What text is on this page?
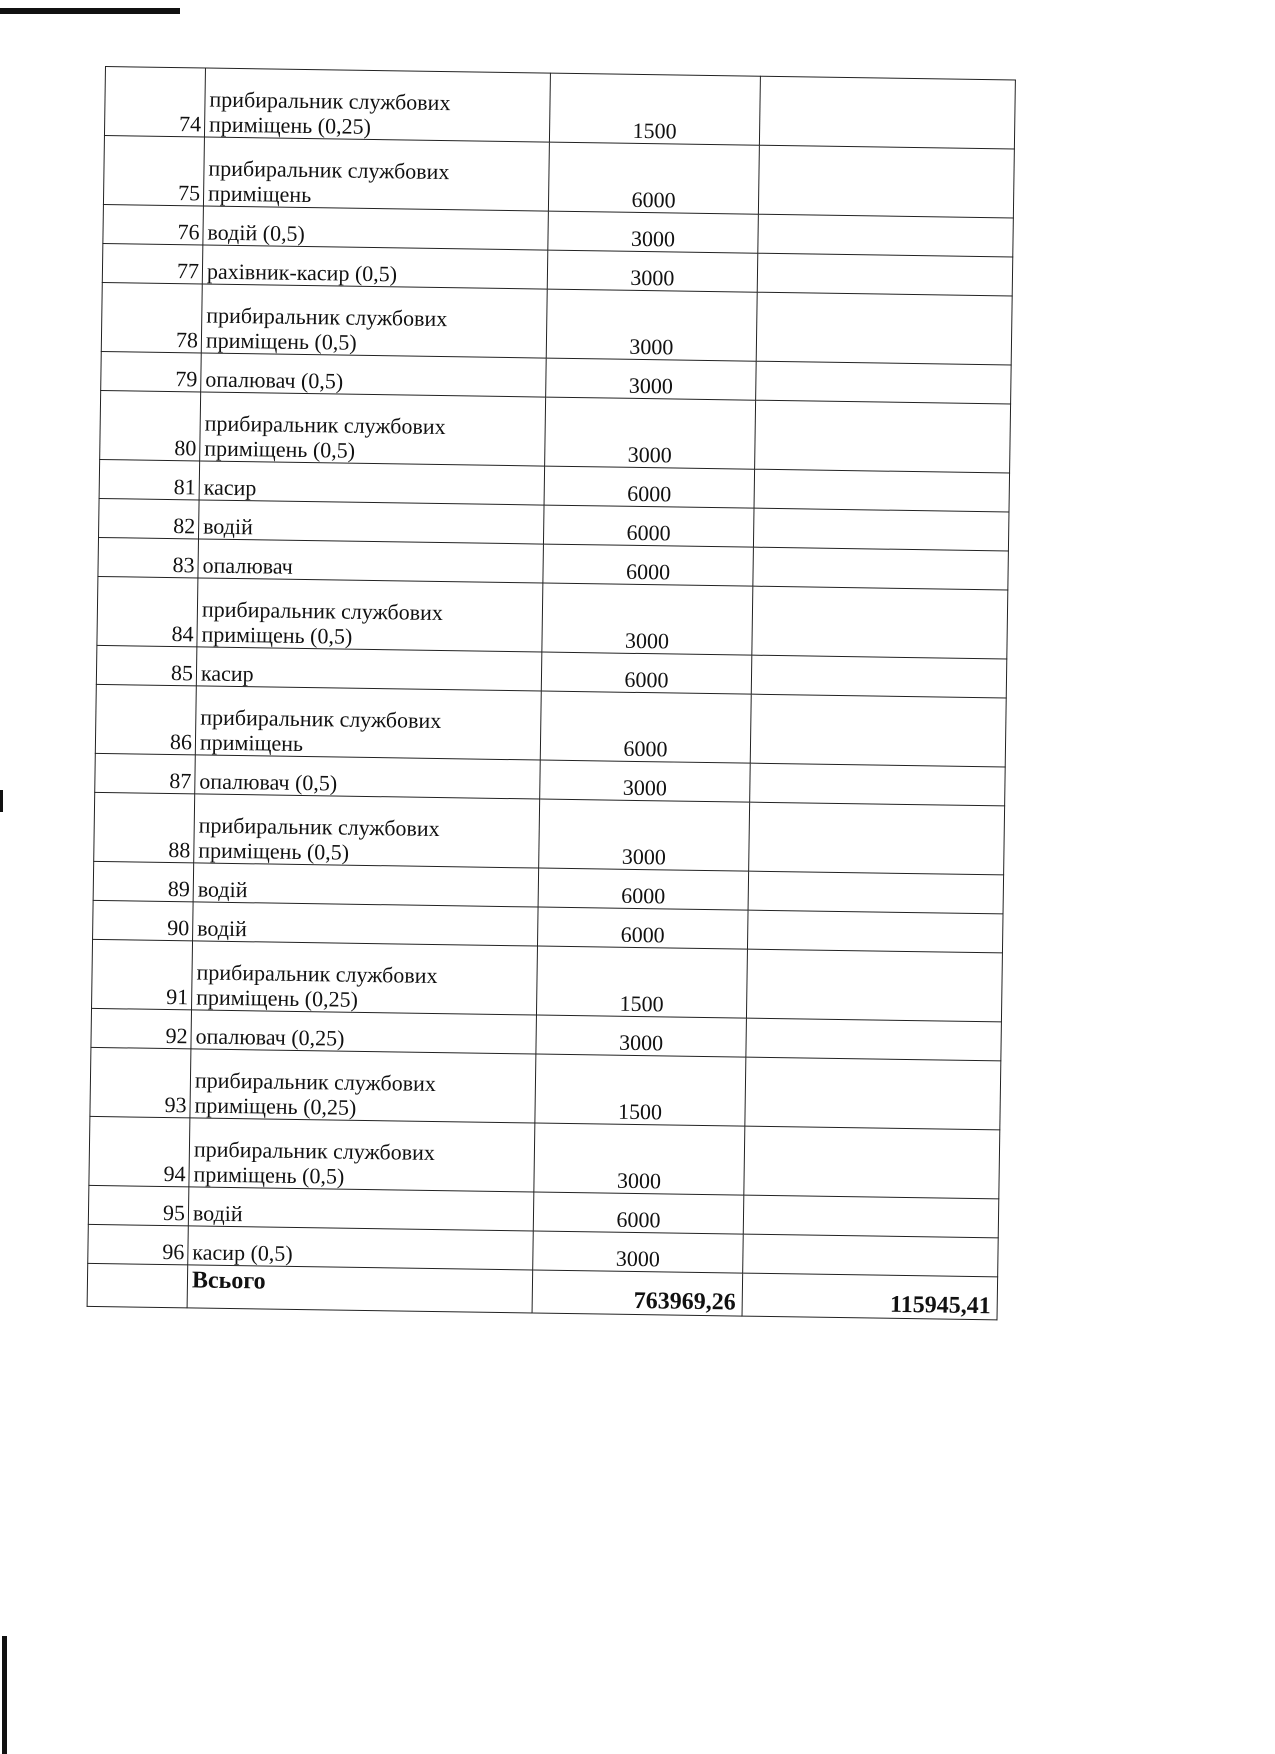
74	прибиральник службових приміщень (0,25)	1500	
75	прибиральник службових приміщень	6000	
76	водій (0,5)	3000	
77	рахівник-касир (0,5)	3000	
78	прибиральник службових приміщень (0,5)	3000	
79	опалювач (0,5)	3000	
80	прибиральник службових приміщень (0,5)	3000	
81	касир	6000	
82	водій	6000	
83	опалювач	6000	
84	прибиральник службових приміщень (0,5)	3000	
85	касир	6000	
86	прибиральник службових приміщень	6000	
87	опалювач (0,5)	3000	
88	прибиральник службових приміщень (0,5)	3000	
89	водій	6000	
90	водій	6000	
91	прибиральник службових приміщень (0,25)	1500	
92	опалювач (0,25)	3000	
93	прибиральник службових приміщень (0,25)	1500	
94	прибиральник службових приміщень (0,5)	3000	
95	водій	6000	
96	касир (0,5)	3000	
	Всього	763969,26	115945,41
